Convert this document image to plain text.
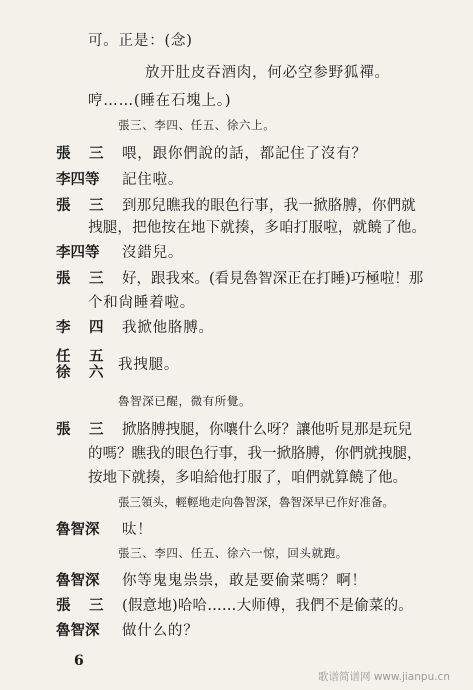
可。正是：(念)
放开肚皮吞酒肉，何必空参野狐禪。
哼……(睡在石塊上。)
張三、李四、任五、徐六上。
張　三 喂，跟你們說的話，都記住了沒有？
李四等 記住啦。
張　三 到那兒瞧我的眼色行事，我一掀胳膊，你們就
拽腿，把他按在地下就揍，多咱打服啦，就饒了他。
李四等 沒錯兒。
張　三 好，跟我來。(看見魯智深正在打睡)巧極啦！那
个和尙睡着啦。
李　四 我掀他胳膊。
任　五
徐　六 我拽腿。
魯智深已醒，微有所覺。
張　三 掀胳膊拽腿，你嚷什么呀？讓他听見那是玩兒
的嗎？瞧我的眼色行事，我一掀胳膊，你們就拽腿，
按地下就揍，多咱給他打服了，咱們就算饒了他。
張三領头，輕輕地走向魯智深，魯智深早已作好准备。
魯智深 呔！
張三、李四、任五、徐六一惊，回头就跑。
魯智深 你等鬼鬼祟祟，敢是要偷菜嗎？啊！
張　三 (假意地)哈哈……大师傅，我們不是偷菜的。
魯智深 做什么的？
6
歌谱简谱网 www.jianpu.cn
